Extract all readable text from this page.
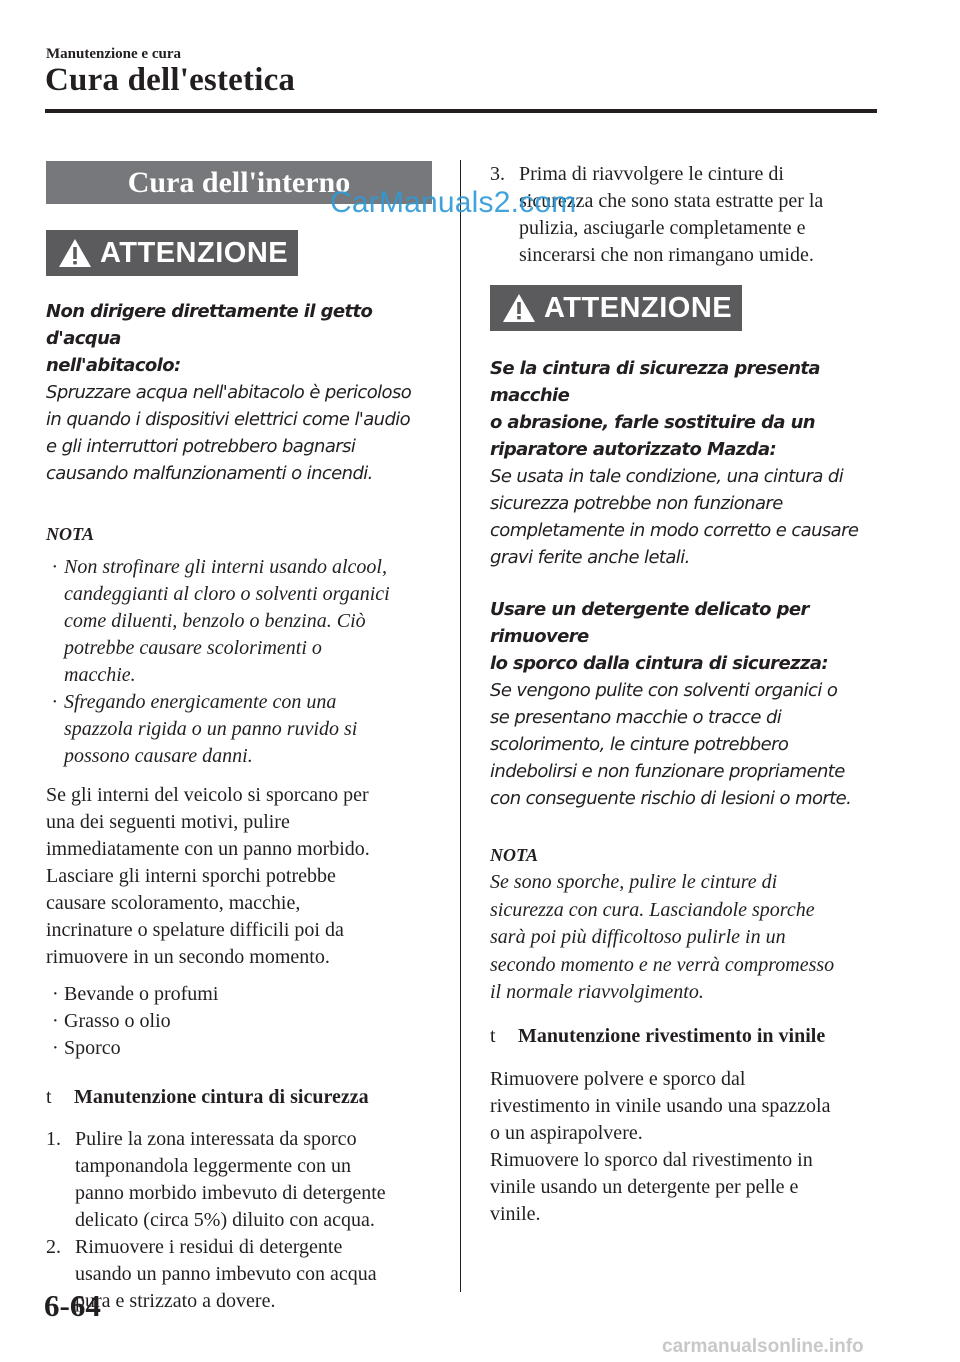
Manutenzione e cura
Cura dell'estetica
Cura dell'interno
ATTENZIONE

Non dirigere direttamente il getto d'acqua

nell'abitacolo:

Spruzzare acqua nell'abitacolo è pericoloso

in quando i dispositivi elettrici come l'audio

e gli interruttori potrebbero bagnarsi

causando malfunzionamenti o incendi.

NOTA

· Non strofinare gli interni usando alcool,
candeggianti al cloro o solventi organici
come diluenti, benzolo o benzina. Ciò
potrebbe causare scolorimenti o
macchie.
· Sfregando energicamente con una
spazzola rigida o un panno ruvido si
possono causare danni.

Se gli interni del veicolo si sporcano per

una dei seguenti motivi, pulire

immediatamente con un panno morbido.

Lasciare gli interni sporchi potrebbe

causare scoloramento, macchie,

incrinature o spelature difficili poi da

rimuovere in un secondo momento.

· Bevande o profumi
· Grasso o olio
· Sporco
t Manutenzione cintura di sicurezza
1. Pulire la zona interessata da sporco
tamponandola leggermente con un
panno morbido imbevuto di detergente
delicato (circa 5%) diluito con acqua.
2. Rimuovere i residui di detergente
usando un panno imbevuto con acqua
pura e strizzato a dovere.
3. Prima di riavvolgere le cinture di
sicurezza che sono stata estratte per la
pulizia, asciugarle completamente e
sincerarsi che non rimangano umide.
ATTENZIONE

Se la cintura di sicurezza presenta macchie

o abrasione, farle sostituire da un

riparatore autorizzato Mazda:

Se usata in tale condizione, una cintura di

sicurezza potrebbe non funzionare

completamente in modo corretto e causare

gravi ferite anche letali.

Usare un detergente delicato per rimuovere

lo sporco dalla cintura di sicurezza:

Se vengono pulite con solventi organici o

se presentano macchie o tracce di

scolorimento, le cinture potrebbero

indebolirsi e non funzionare propriamente

con conseguente rischio di lesioni o morte.

NOTA

Se sono sporche, pulire le cinture di

sicurezza con cura. Lasciandole sporche

sarà poi più difficoltoso pulirle in un

secondo momento e ne verrà compromesso

il normale riavvolgimento.

t Manutenzione rivestimento in vinile

Rimuovere polvere e sporco dal

rivestimento in vinile usando una spazzola

o un aspirapolvere.

Rimuovere lo sporco dal rivestimento in

vinile usando un detergente per pelle e

vinile.

CarManuals2.com
6-64
carmanualsonline.info
